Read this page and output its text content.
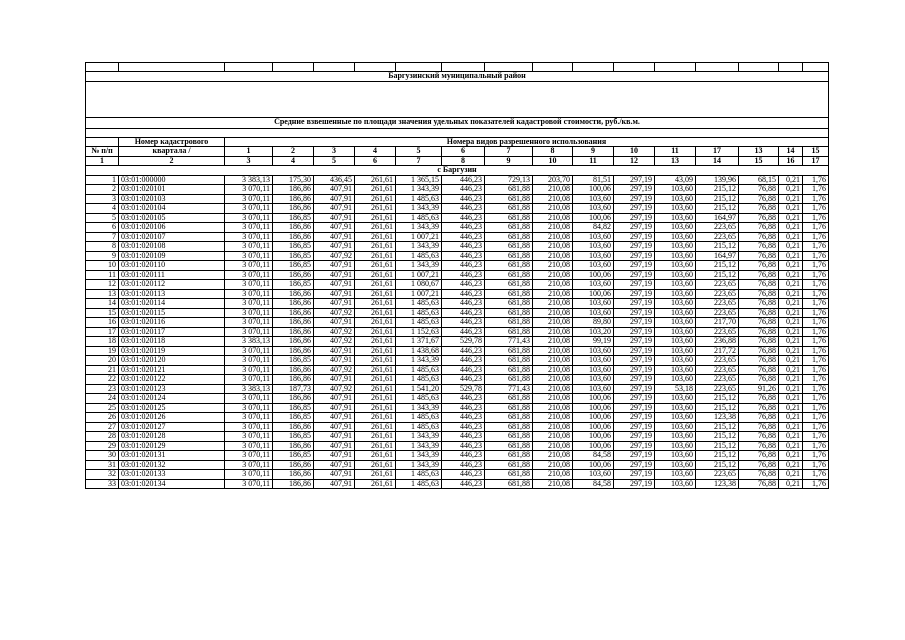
Баргузинский муниципальный район																

Средние взвешенные по площади значения удельных показателей кадастровой стоимости, руб./кв.м.																

	Номер кадастрового	Номера видов разрешенного использования														
№ п/п	квартала /	1	2	3	4	5	6	7	8	9	10	11	17	13	14	15
1	2	3	4	5	6	7	8	9	10	11	12	13	14	15	16	17
с Баргузин																
1	03:01:000000	3 383,13	175,30	436,45	261,61	1 365,15	446,23	729,13	203,70	81,51	297,19	43,09	139,96	68,15	0,21	1,76
2	03:01:020101	3 070,11	186,86	407,91	261,61	1 343,39	446,23	681,88	210,08	100,06	297,19	103,60	215,12	76,88	0,21	1,76
3	03:01:020103	3 070,11	186,86	407,91	261,61	1 485,63	446,23	681,88	210,08	103,60	297,19	103,60	215,12	76,88	0,21	1,76
4	03:01:020104	3 070,11	186,86	407,91	261,61	1 343,39	446,23	681,88	210,08	103,60	297,19	103,60	215,12	76,88	0,21	1,76
5	03:01:020105	3 070,11	186,85	407,91	261,61	1 485,63	446,23	681,88	210,08	100,06	297,19	103,60	164,97	76,88	0,21	1,76
6	03:01:020106	3 070,11	186,86	407,91	261,61	1 343,39	446,23	681,88	210,08	84,82	297,19	103,60	223,65	76,88	0,21	1,76
7	03:01:020107	3 070,11	186,86	407,91	261,61	1 007,21	446,23	681,88	210,08	103,60	297,19	103,60	223,65	76,88	0,21	1,76
8	03:01:020108	3 070,11	186,85	407,91	261,61	1 343,39	446,23	681,88	210,08	103,60	297,19	103,60	215,12	76,88	0,21	1,76
9	03:01:020109	3 070,11	186,85	407,92	261,61	1 485,63	446,23	681,88	210,08	103,60	297,19	103,60	164,97	76,88	0,21	1,76
10	03:01:020110	3 070,11	186,85	407,91	261,61	1 343,39	446,23	681,88	210,08	103,60	297,19	103,60	215,12	76,88	0,21	1,76
11	03:01:020111	3 070,11	186,86	407,91	261,61	1 007,21	446,23	681,88	210,08	100,06	297,19	103,60	215,12	76,88	0,21	1,76
12	03:01:020112	3 070,11	186,85	407,91	261,61	1 080,67	446,23	681,88	210,08	103,60	297,19	103,60	223,65	76,88	0,21	1,76
13	03:01:020113	3 070,11	186,86	407,91	261,61	1 007,21	446,23	681,88	210,08	100,06	297,19	103,60	223,65	76,88	0,21	1,76
14	03:01:020114	3 070,11	186,86	407,91	261,61	1 485,63	446,23	681,88	210,08	103,60	297,19	103,60	223,65	76,88	0,21	1,76
15	03:01:020115	3 070,11	186,86	407,92	261,61	1 485,63	446,23	681,88	210,08	103,60	297,19	103,60	223,65	76,88	0,21	1,76
16	03:01:020116	3 070,11	186,86	407,91	261,61	1 485,63	446,23	681,88	210,08	89,80	297,19	103,60	217,70	76,88	0,21	1,76
17	03:01:020117	3 070,11	186,86	407,92	261,61	1 152,63	446,23	681,88	210,08	103,20	297,19	103,60	223,65	76,88	0,21	1,76
18	03:01:020118	3 383,13	186,86	407,92	261,61	1 371,67	529,78	771,43	210,08	99,19	297,19	103,60	236,88	76,88	0,21	1,76
19	03:01:020119	3 070,11	186,86	407,91	261,61	1 438,68	446,23	681,88	210,08	103,60	297,19	103,60	217,72	76,88	0,21	1,76
20	03:01:020120	3 070,11	186,85	407,91	261,61	1 343,39	446,23	681,88	210,08	103,60	297,19	103,60	223,65	76,88	0,21	1,76
21	03:01:020121	3 070,11	186,86	407,92	261,61	1 485,63	446,23	681,88	210,08	103,60	297,19	103,60	223,65	76,88	0,21	1,76
22	03:01:020122	3 070,11	186,86	407,91	261,61	1 485,63	446,23	681,88	210,08	103,60	297,19	103,60	223,65	76,88	0,21	1,76
23	03:01:020123	3 383,13	187,73	407,92	261,61	1 541,20	529,78	771,43	210,08	103,60	297,19	53,18	223,65	91,26	0,21	1,76
24	03:01:020124	3 070,11	186,86	407,91	261,61	1 485,63	446,23	681,88	210,08	100,06	297,19	103,60	215,12	76,88	0,21	1,76
25	03:01:020125	3 070,11	186,85	407,91	261,61	1 343,39	446,23	681,88	210,08	100,06	297,19	103,60	215,12	76,88	0,21	1,76
26	03:01:020126	3 070,11	186,85	407,91	261,61	1 485,63	446,23	681,88	210,08	100,06	297,19	103,60	123,38	76,88	0,21	1,76
27	03:01:020127	3 070,11	186,86	407,91	261,61	1 485,63	446,23	681,88	210,08	100,06	297,19	103,60	215,12	76,88	0,21	1,76
28	03:01:020128	3 070,11	186,85	407,91	261,61	1 343,39	446,23	681,88	210,08	100,06	297,19	103,60	215,12	76,88	0,21	1,76
29	03:01:020129	3 070,11	186,86	407,91	261,61	1 343,39	446,23	681,88	210,08	100,06	297,19	103,60	215,12	76,88	0,21	1,76
30	03:01:020131	3 070,11	186,85	407,91	261,61	1 343,39	446,23	681,88	210,08	84,58	297,19	103,60	215,12	76,88	0,21	1,76
31	03:01:020132	3 070,11	186,86	407,91	261,61	1 343,39	446,23	681,88	210,08	100,06	297,19	103,60	215,12	76,88	0,21	1,76
32	03:01:020133	3 070,11	186,86	407,91	261,61	1 485,63	446,23	681,88	210,08	103,60	297,19	103,60	223,65	76,88	0,21	1,76
33	03:01:020134	3 070,11	186,86	407,91	261,61	1 485,63	446,23	681,88	210,08	84,58	297,19	103,60	123,38	76,88	0,21	1,76
